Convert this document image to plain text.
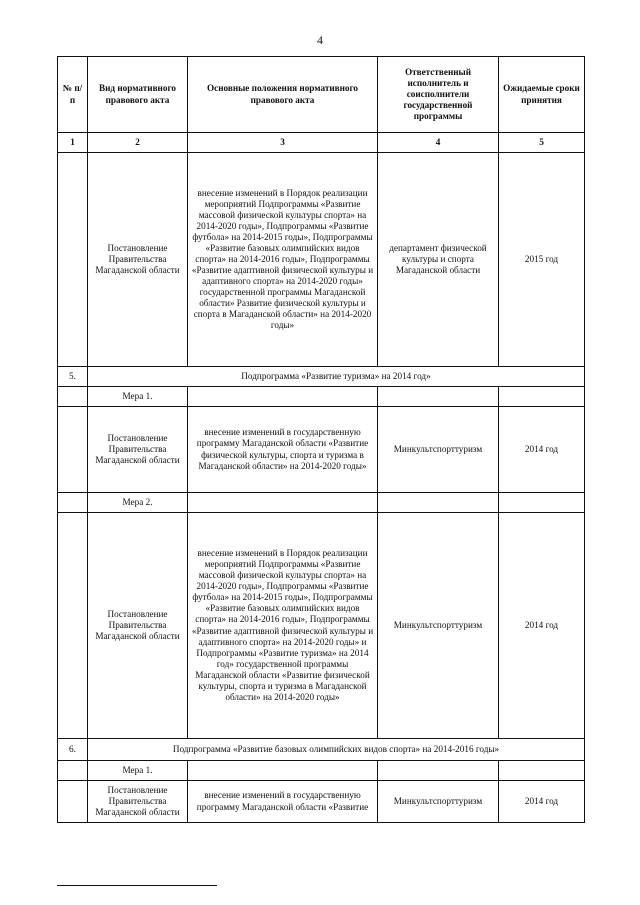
4
№ п/п	Вид нормативного правового акта	Основные положения нормативного правового акта	Ответственный исполнитель и соисполнители государственной программы	Ожидаемые сроки принятия
1	2	3	4	5
	Постановление Правительства Магаданской области	внесение изменений в Порядок реализации мероприятий Подпрограммы «Развитие массовой физической культуры спорта» на 2014-2020 годы», Подпрограммы «Развитие футбола» на 2014-2015 годы», Подпрограммы «Развитие базовых олимпийских видов спорта» на 2014-2016 годы», Подпрограммы «Развитие адаптивной физической культуры и адаптивного спорта» на 2014-2020 годы» государственной программы Магаданской области» Развитие физической культуры и спорта в Магаданской области» на 2014-2020 годы»	департамент физической культуры и спорта Магаданской области	2015 год
5.	Подпрограмма «Развитие туризма» на 2014 год»			
	Мера 1.			
	Постановление Правительства Магаданской области	внесение изменений в государственную программу Магаданской области «Развитие физической культуры, спорта и туризма в Магаданской области» на 2014-2020 годы»	Минкультспорттуризм	2014 год
	Мера 2.			
	Постановление Правительства Магаданской области	внесение изменений в Порядок реализации мероприятий Подпрограммы «Развитие массовой физической культуры спорта» на 2014-2020 годы», Подпрограммы «Развитие футбола» на 2014-2015 годы», Подпрограммы «Развитие базовых олимпийских видов спорта» на 2014-2016 годы», Подпрограммы «Развитие адаптивной физической культуры и адаптивного спорта» на 2014-2020 годы» и Подпрограммы «Развитие туризма» на 2014 год» государственной программы Магаданской области «Развитие физической культуры, спорта и туризма в Магаданской области» на 2014-2020 годы»	Минкультспорттуризм	2014 год
6.	Подпрограмма «Развитие базовых олимпийских видов спорта» на 2014-2016 годы»			
	Мера 1.			
	Постановление Правительства Магаданской области	внесение изменений в государственную программу Магаданской области «Развитие	Минкультспорттуризм	2014 год
